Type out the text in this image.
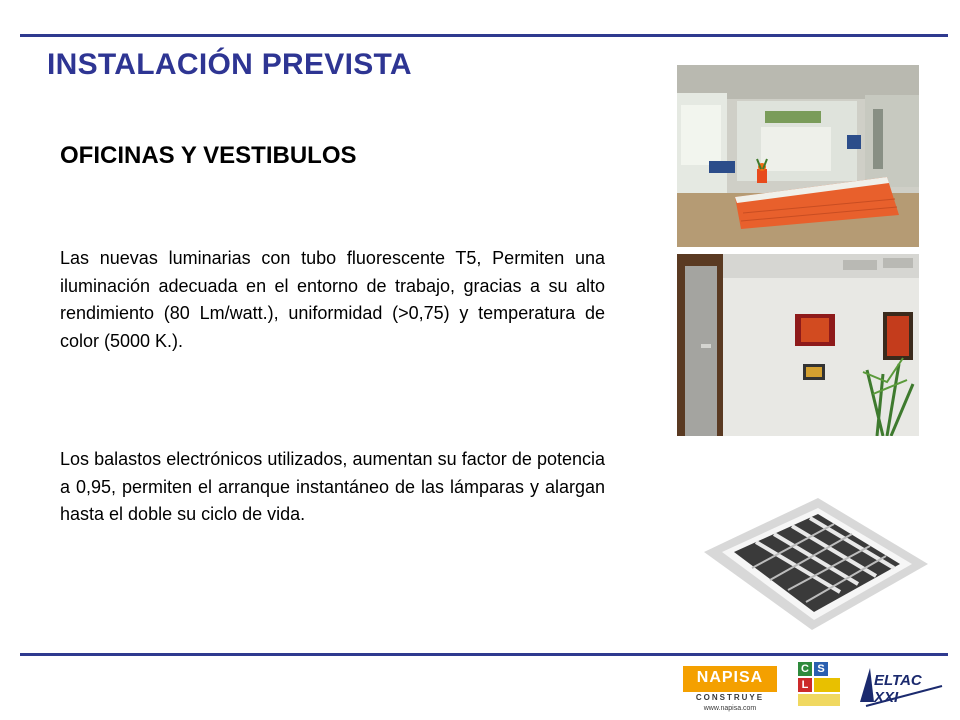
INSTALACIÓN PREVISTA
OFICINAS Y VESTIBULOS

Las nuevas luminarias con tubo fluorescente T5, Permiten una iluminación adecuada en el entorno de trabajo, gracias a su alto rendimiento (80 Lm/watt.), uniformidad (>0,75) y temperatura de color (5000 K.).

Los balastos electrónicos utilizados, aumentan su factor de potencia a 0,95, permiten el arranque instantáneo de las lámparas y alargan hasta el doble su ciclo de vida.

NAPISA
CONSTRUYE
www.napisa.com
C S
L	ELTAC XXI
